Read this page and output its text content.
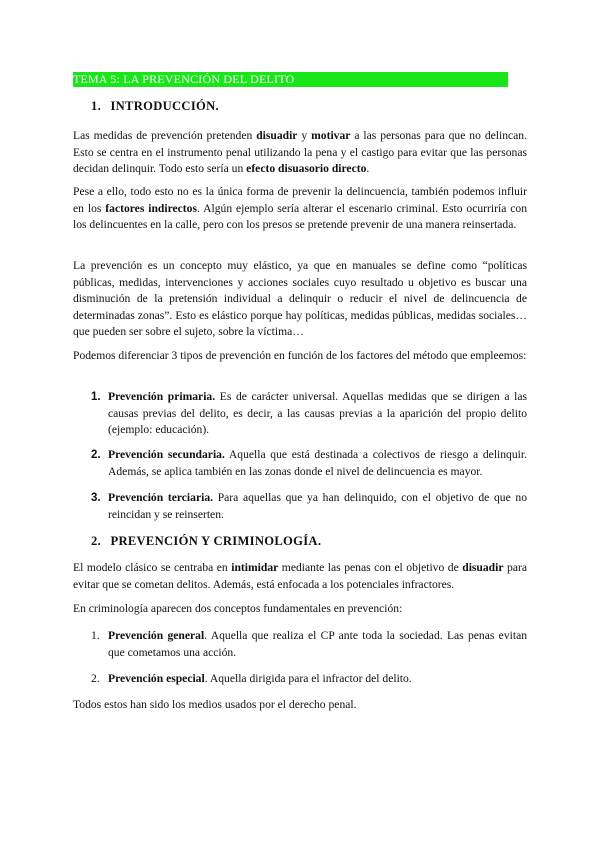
TEMA 5: LA PREVENCIÓN DEL DELITO
1. INTRODUCCIÓN.
Las medidas de prevención pretenden disuadir y motivar a las personas para que no delincan. Esto se centra en el instrumento penal utilizando la pena y el castigo para evitar que las personas decidan delinquir. Todo esto sería un efecto disuasorio directo.
Pese a ello, todo esto no es la única forma de prevenir la delincuencia, también podemos influir en los factores indirectos. Algún ejemplo sería alterar el escenario criminal. Esto ocurriría con los delincuentes en la calle, pero con los presos se pretende prevenir de una manera reinsertada.
La prevención es un concepto muy elástico, ya que en manuales se define como “políticas públicas, medidas, intervenciones y acciones sociales cuyo resultado u objetivo es buscar una disminución de la pretensión individual a delinquir o reducir el nivel de delincuencia de determinadas zonas”. Esto es elástico porque hay políticas, medidas públicas, medidas sociales… que pueden ser sobre el sujeto, sobre la víctima…
Podemos diferenciar 3 tipos de prevención en función de los factores del método que empleemos:
1. Prevención primaria. Es de carácter universal. Aquellas medidas que se dirigen a las causas previas del delito, es decir, a las causas previas a la aparición del propio delito (ejemplo: educación).
2. Prevención secundaria. Aquella que está destinada a colectivos de riesgo a delinquir. Además, se aplica también en las zonas donde el nivel de delincuencia es mayor.
3. Prevención terciaria. Para aquellas que ya han delinquido, con el objetivo de que no reincidan y se reinserten.
2. PREVENCIÓN Y CRIMINOLOGÍA.
El modelo clásico se centraba en intimidar mediante las penas con el objetivo de disuadir para evitar que se cometan delitos. Además, está enfocada a los potenciales infractores.
En criminología aparecen dos conceptos fundamentales en prevención:
1. Prevención general. Aquella que realiza el CP ante toda la sociedad. Las penas evitan que cometamos una acción.
2. Prevención especial. Aquella dirigida para el infractor del delito.
Todos estos han sido los medios usados por el derecho penal.
